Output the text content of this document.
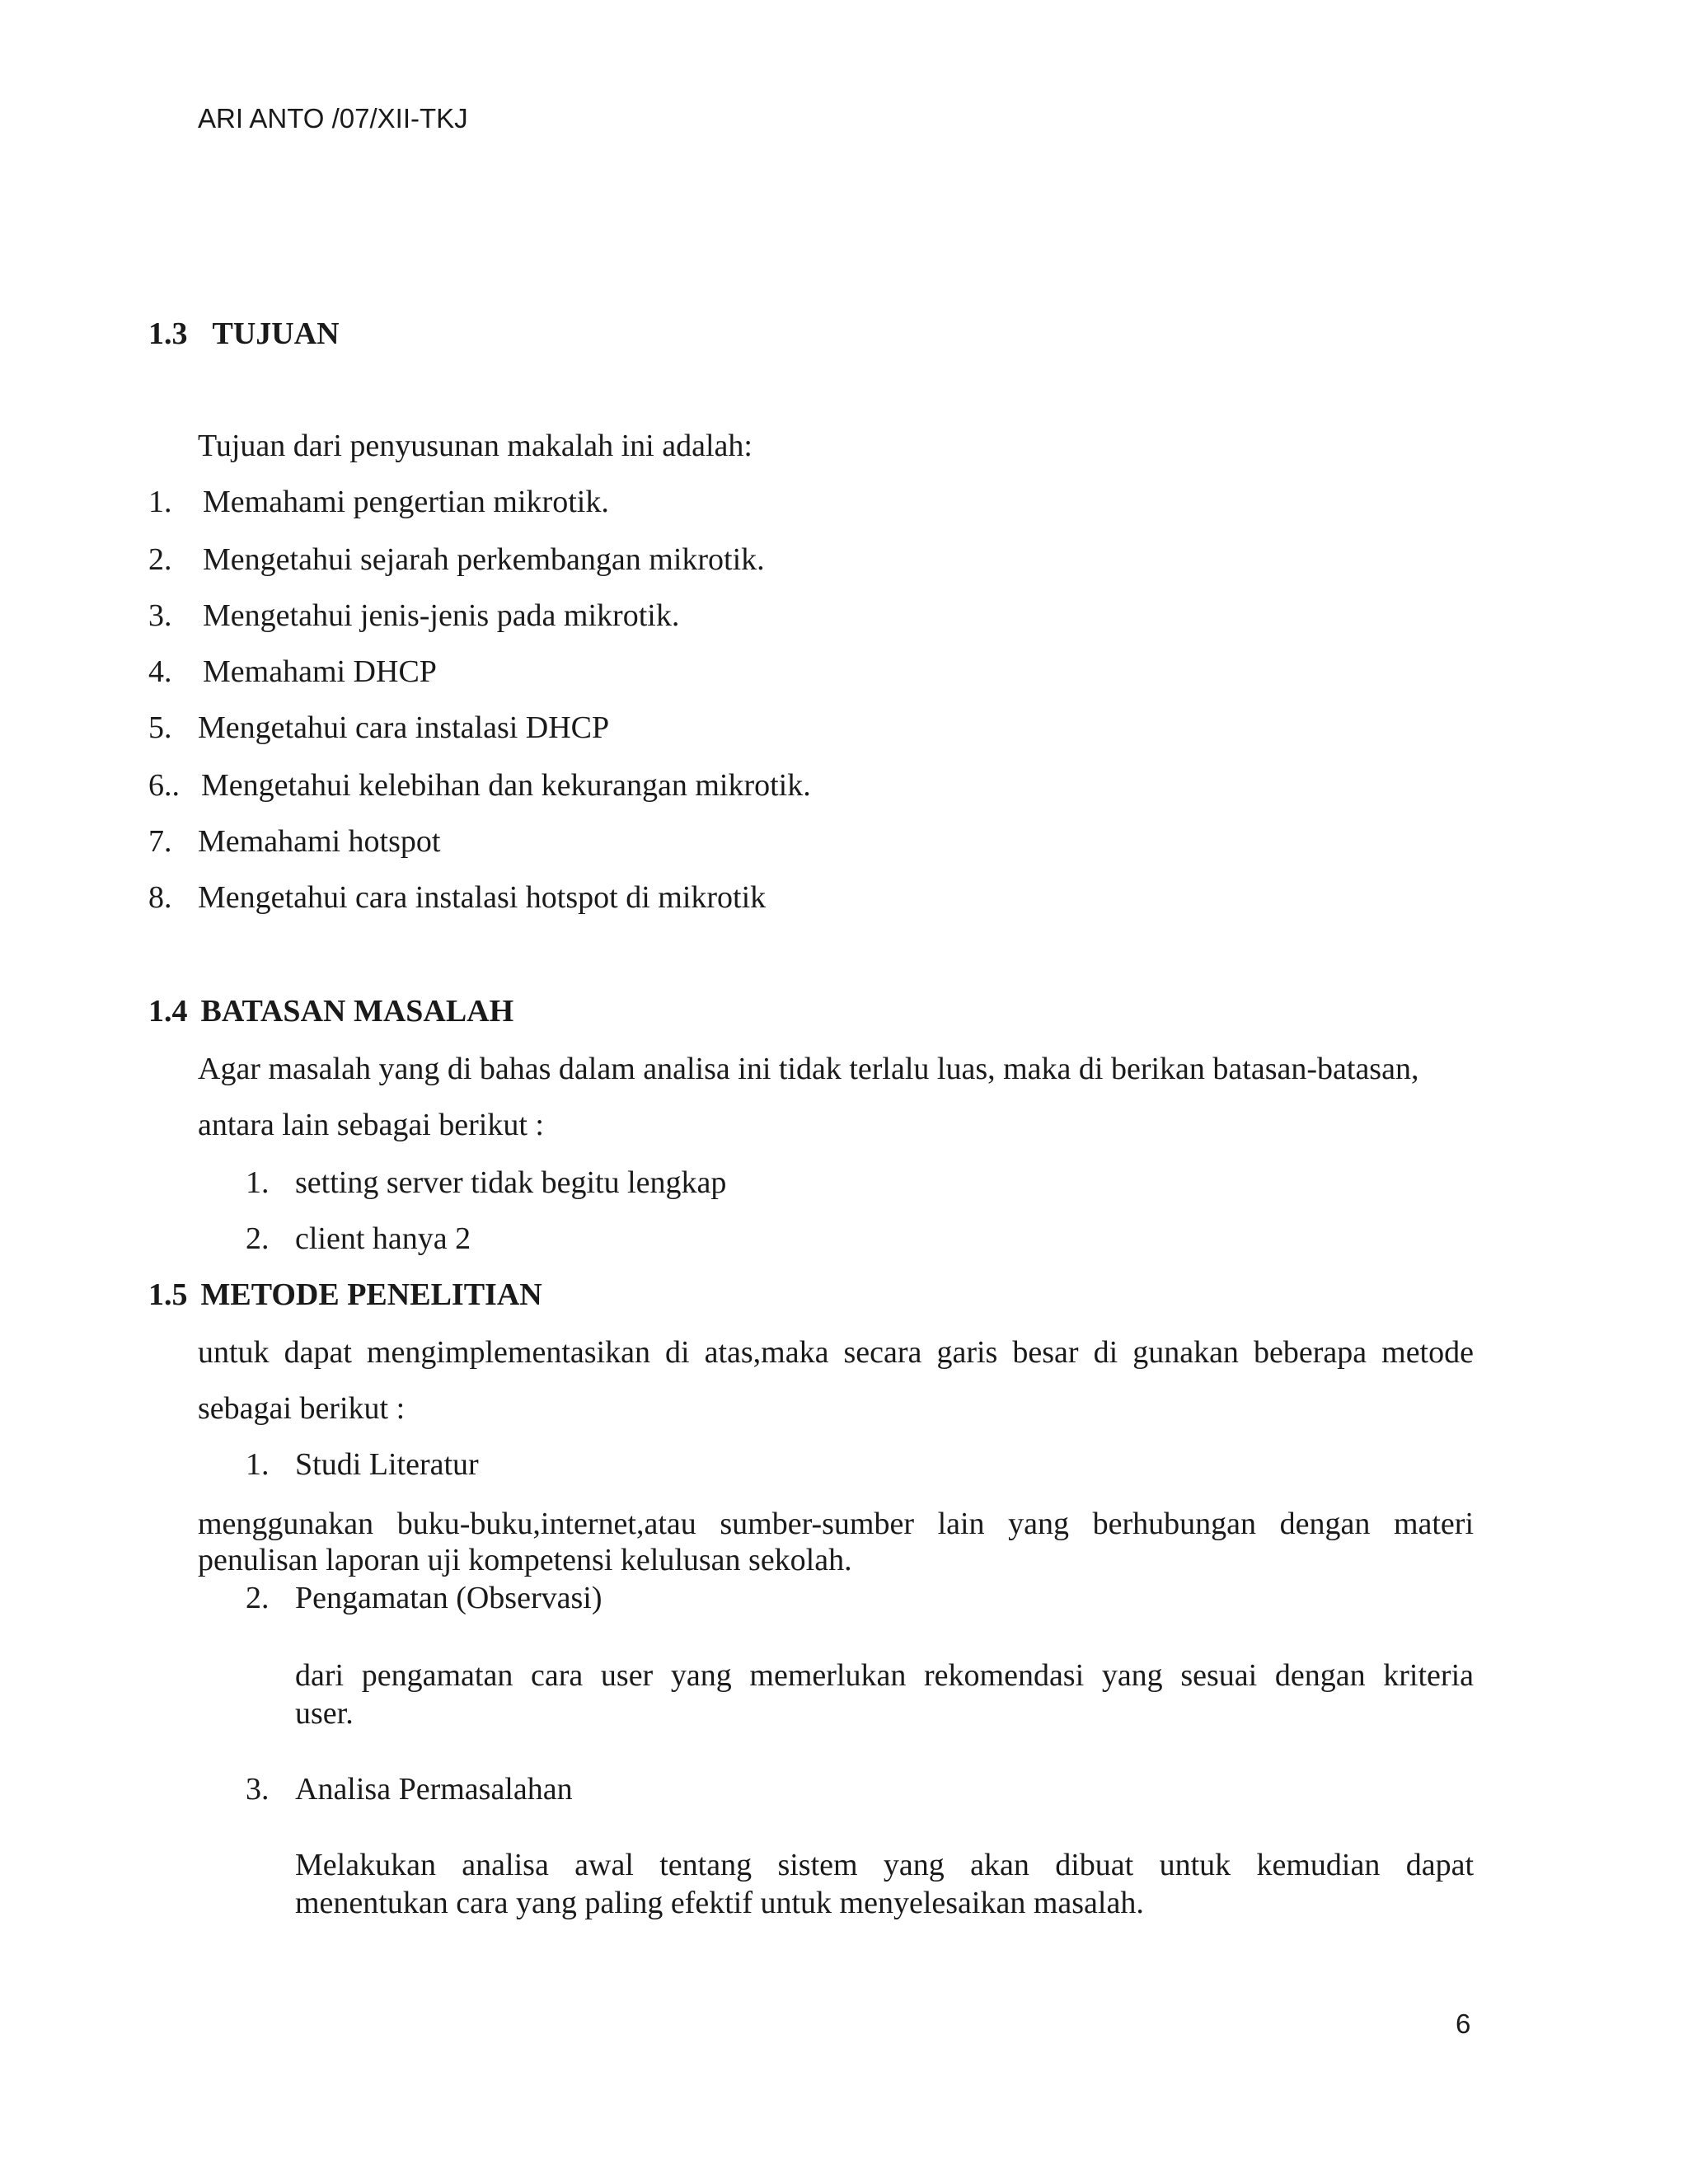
ARI ANTO /07/XII-TKJ
1.3 TUJUAN
Tujuan dari penyusunan makalah ini adalah:
1. Memahami pengertian mikrotik.
2. Mengetahui sejarah perkembangan mikrotik.
3. Mengetahui jenis-jenis pada mikrotik.
4. Memahami DHCP
5. Mengetahui cara instalasi DHCP
6.. Mengetahui kelebihan dan kekurangan mikrotik.
7. Memahami hotspot
8. Mengetahui cara instalasi hotspot di mikrotik
1.4 BATASAN MASALAH
Agar masalah yang di bahas dalam analisa ini tidak terlalu luas, maka di berikan batasan-batasan,
antara lain sebagai berikut :
1. setting server tidak begitu lengkap
2. client hanya 2
1.5 METODE PENELITIAN
untuk dapat mengimplementasikan di atas,maka secara garis besar di gunakan beberapa metode
sebagai berikut :
1. Studi Literatur
menggunakan buku-buku,internet,atau sumber-sumber lain yang berhubungan dengan materi
penulisan laporan uji kompetensi kelulusan sekolah.
2. Pengamatan (Observasi)
dari pengamatan cara user yang memerlukan rekomendasi yang sesuai dengan kriteria
user.
3. Analisa Permasalahan
Melakukan analisa awal tentang sistem yang akan dibuat untuk kemudian dapat
menentukan cara yang paling efektif untuk menyelesaikan masalah.
6
